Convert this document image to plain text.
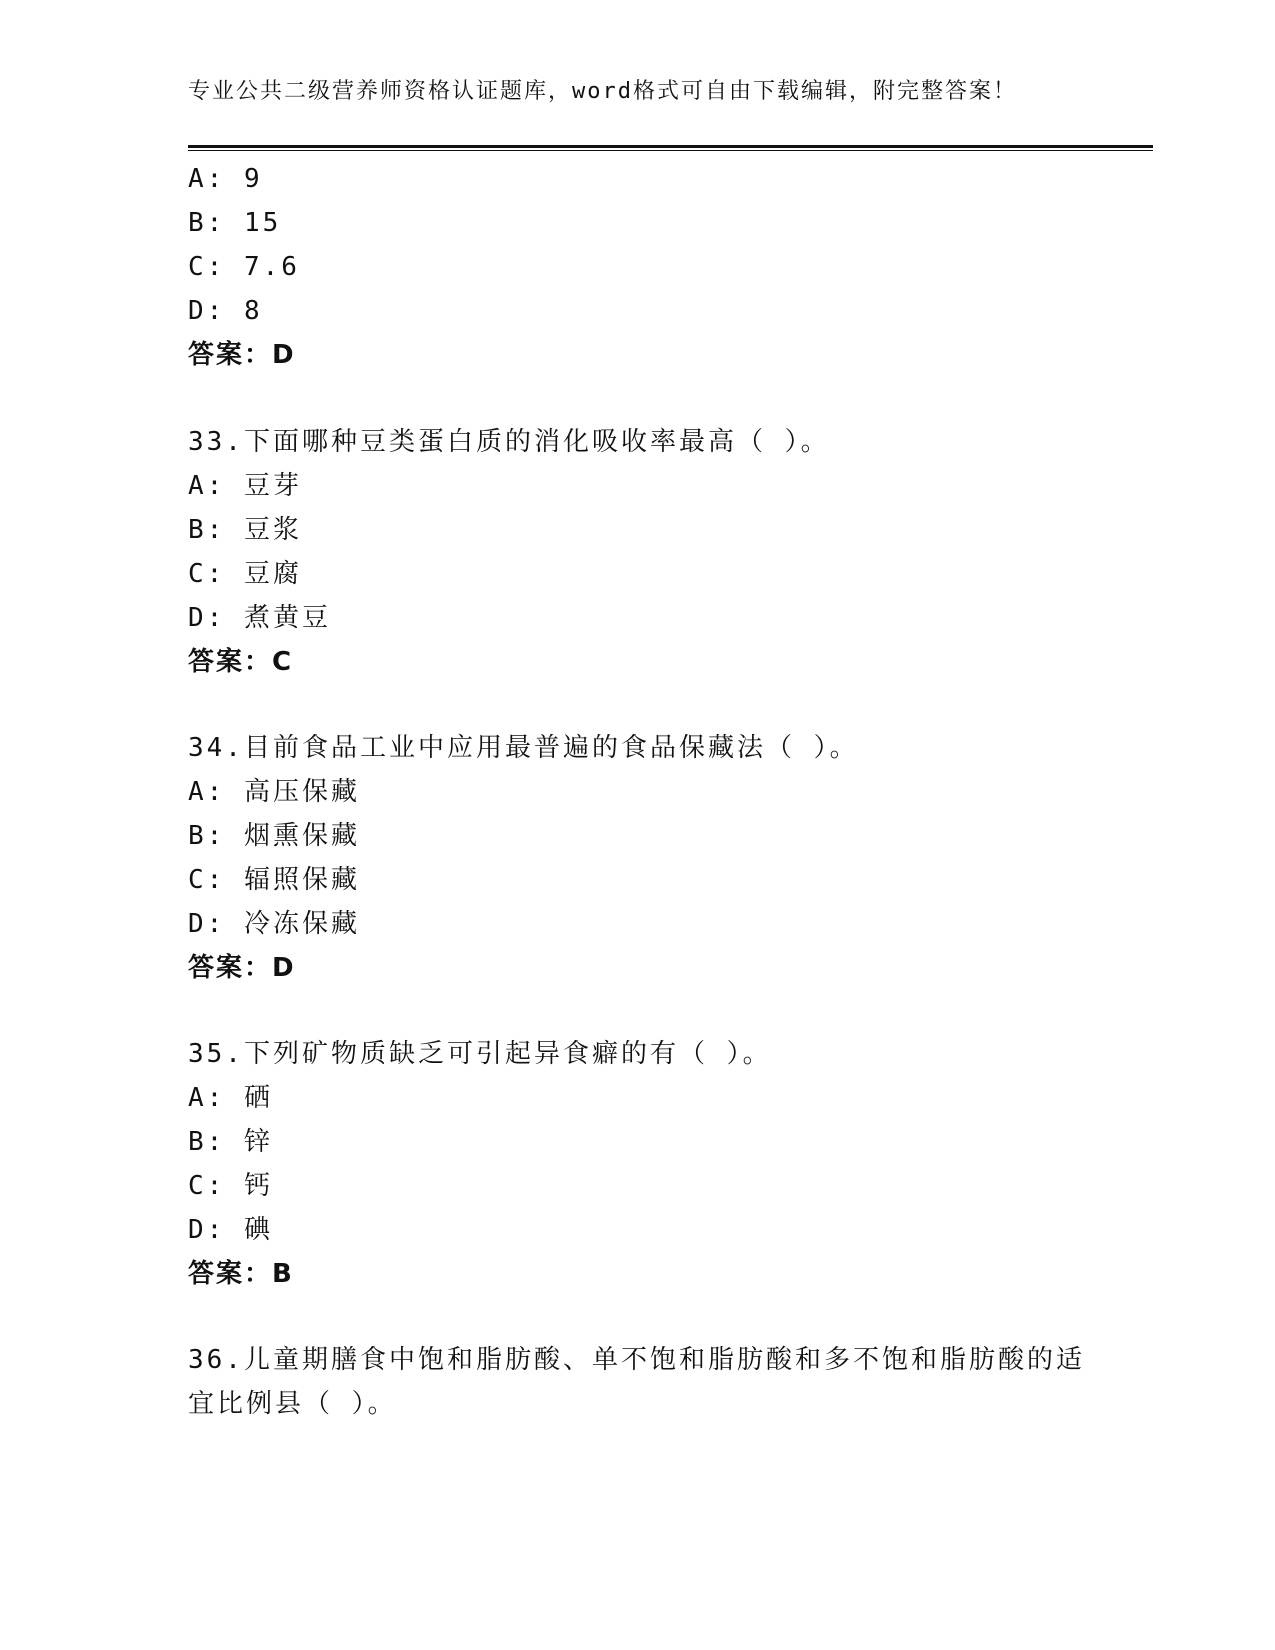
专业公共二级营养师资格认证题库，word格式可自由下载编辑，附完整答案！
A: 9
B: 15
C: 7.6
D: 8
答案：D
33.下面哪种豆类蛋白质的消化吸收率最高（ ）。
A: 豆芽
B: 豆浆
C: 豆腐
D: 煮黄豆
答案：C
34.目前食品工业中应用最普遍的食品保藏法（ ）。
A: 高压保藏
B: 烟熏保藏
C: 辐照保藏
D: 冷冻保藏
答案：D
35.下列矿物质缺乏可引起异食癖的有（ ）。
A: 硒
B: 锌
C: 钙
D: 碘
答案：B
36.儿童期膳食中饱和脂肪酸、单不饱和脂肪酸和多不饱和脂肪酸的适
宜比例县（ ）。
